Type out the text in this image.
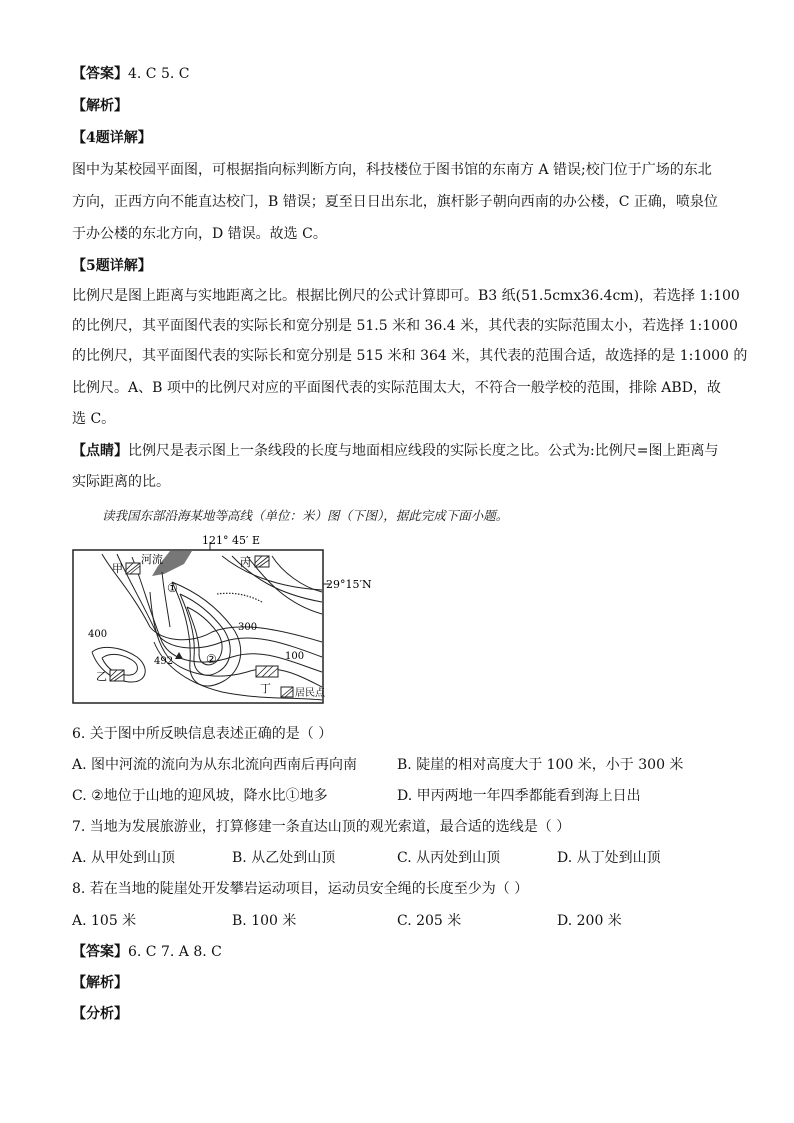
【答案】4. C 5. C
【解析】
【4题详解】
图中为某校园平面图，可根据指向标判断方向，科技楼位于图书馆的东南方 A 错误;校门位于广场的东北
方向，正西方向不能直达校门，B 错误；夏至日日出东北，旗杆影子朝向西南的办公楼，C 正确，喷泉位
于办公楼的东北方向，D 错误。故选 C。
【5题详解】
比例尺是图上距离与实地距离之比。根据比例尺的公式计算即可。B3 纸(51.5cmx36.4cm)，若选择 1:100
的比例尺，其平面图代表的实际长和宽分别是 51.5 米和 36.4 米，其代表的实际范围太小，若选择 1:1000
的比例尺，其平面图代表的实际长和宽分别是 515 米和 364 米，其代表的范围合适，故选择的是 1:1000 的
比例尺。A、B 项中的比例尺对应的平面图代表的实际范围太大，不符合一般学校的范围，排除 ABD，故
选 C。
【点睛】比例尺是表示图上一条线段的长度与地面相应线段的实际长度之比。公式为:比例尺=图上距离与
实际距离的比。
读我国东部沿海某地等高线（单位：米）图（下图），据此完成下面小题。
121° 45′ E
29°15′N
河流
甲	丙
乙
丁
400
300
100
492
①
②
居民点
6. 关于图中所反映信息表述正确的是（ ）
A. 图中河流的流向为从东北流向西南后再向南	B. 陡崖的相对高度大于 100 米，小于 300 米
C. ②地位于山地的迎风坡，降水比①地多	D. 甲丙两地一年四季都能看到海上日出
7. 当地为发展旅游业，打算修建一条直达山顶的观光索道，最合适的选线是（ ）
A. 从甲处到山顶	B. 从乙处到山顶	C. 从丙处到山顶	D. 从丁处到山顶
8. 若在当地的陡崖处开发攀岩运动项目，运动员安全绳的长度至少为（ ）
A. 105 米	B. 100 米	C. 205 米	D. 200 米
【答案】6. C 7. A 8. C
【解析】
【分析】
